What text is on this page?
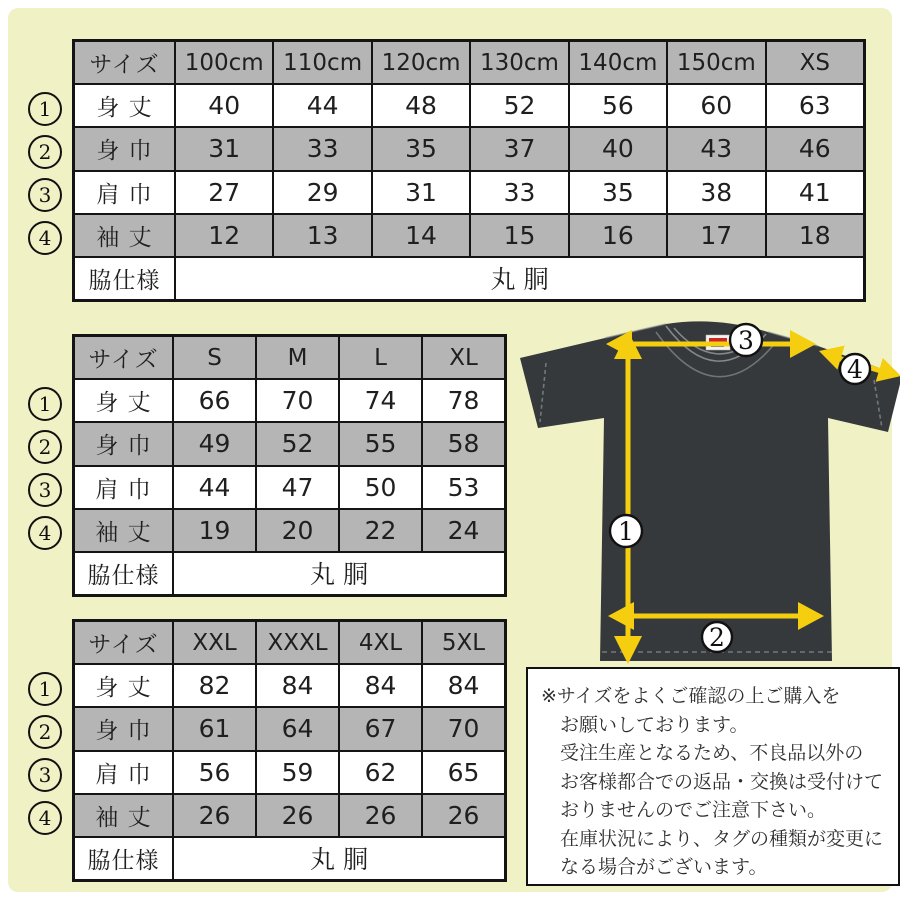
サイズ	100cm 110cm 120cm 130cm 140cm 150cm	XS
身 丈	40	44	48	52	56	60	63
身 巾	31	33	35	37	40	43	46
肩 巾	27	29	31	33	35	38	41
袖 丈	12	13	14	15	16	17	18
脇仕様	丸 胴
1
2
3
4
サイズ	S	M	L	XL
身 丈	66	70	74	78
身 巾	49	52	55	58
肩 巾	44	47	50	53
袖 丈	19	20	22	24
脇仕様	丸 胴
1
2
3
4
サイズ	XXL	XXXL	4XL	5XL
身 丈	82	84	84	84
身 巾	61	64	67	70
肩 巾	56	59	62	65
袖 丈	26	26	26	26
脇仕様	丸 胴
1
2
3
4
1
2
3
4
※サイズをよくご確認の上ご購入を
お願いしております。
受注生産となるため、不良品以外の
お客様都合での返品・交換は受付けて
おりませんのでご注意下さい。
在庫状況により、タグの種類が変更に
なる場合がございます。
